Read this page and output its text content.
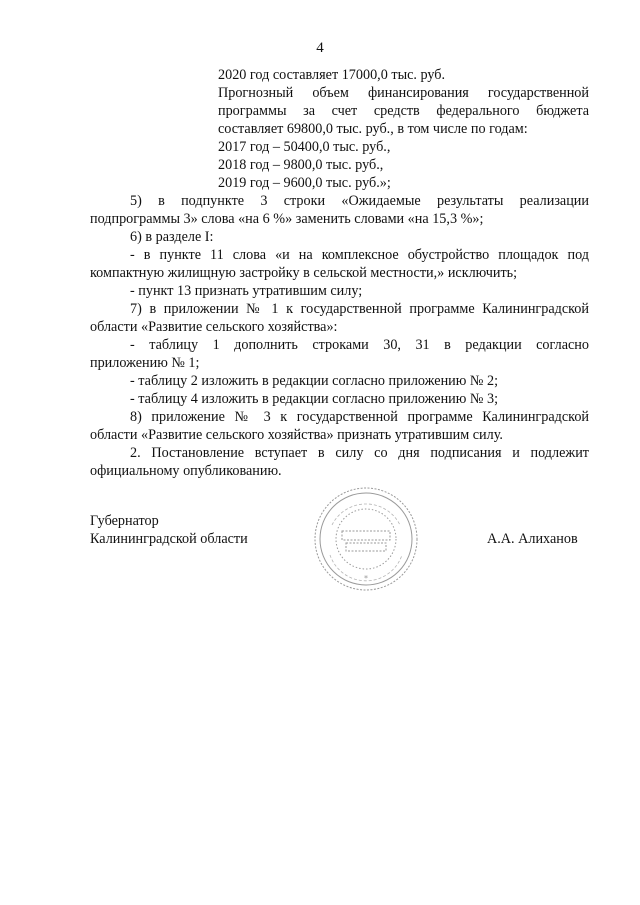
4
2020 год составляет 17000,0 тыс. руб.
Прогнозный объем финансирования государственной
программы за счет средств федерального бюджета
составляет 69800,0 тыс. руб., в том числе по годам:
2017 год – 50400,0 тыс. руб.,
2018 год – 9800,0 тыс. руб.,
2019 год – 9600,0 тыс. руб.»;
5) в подпункте 3 строки «Ожидаемые результаты реализации
подпрограммы 3» слова «на 6 %» заменить словами «на 15,3 %»;
6) в разделе I:
- в пункте 11 слова «и на комплексное обустройство площадок под
компактную жилищную застройку в сельской местности,» исключить;
- пункт 13 признать утратившим силу;
7) в приложении № 1 к государственной программе Калининградской
области «Развитие сельского хозяйства»:
- таблицу 1 дополнить строками 30, 31 в редакции согласно
приложению № 1;
- таблицу 2 изложить в редакции согласно приложению № 2;
- таблицу 4 изложить в редакции согласно приложению № 3;
8) приложение № 3 к государственной программе Калининградской
области «Развитие сельского хозяйства» признать утратившим силу.
2. Постановление вступает в силу со дня подписания и подлежит
официальному опубликованию.
Губернатор
Калининградской области	А.А. Алиханов
*
